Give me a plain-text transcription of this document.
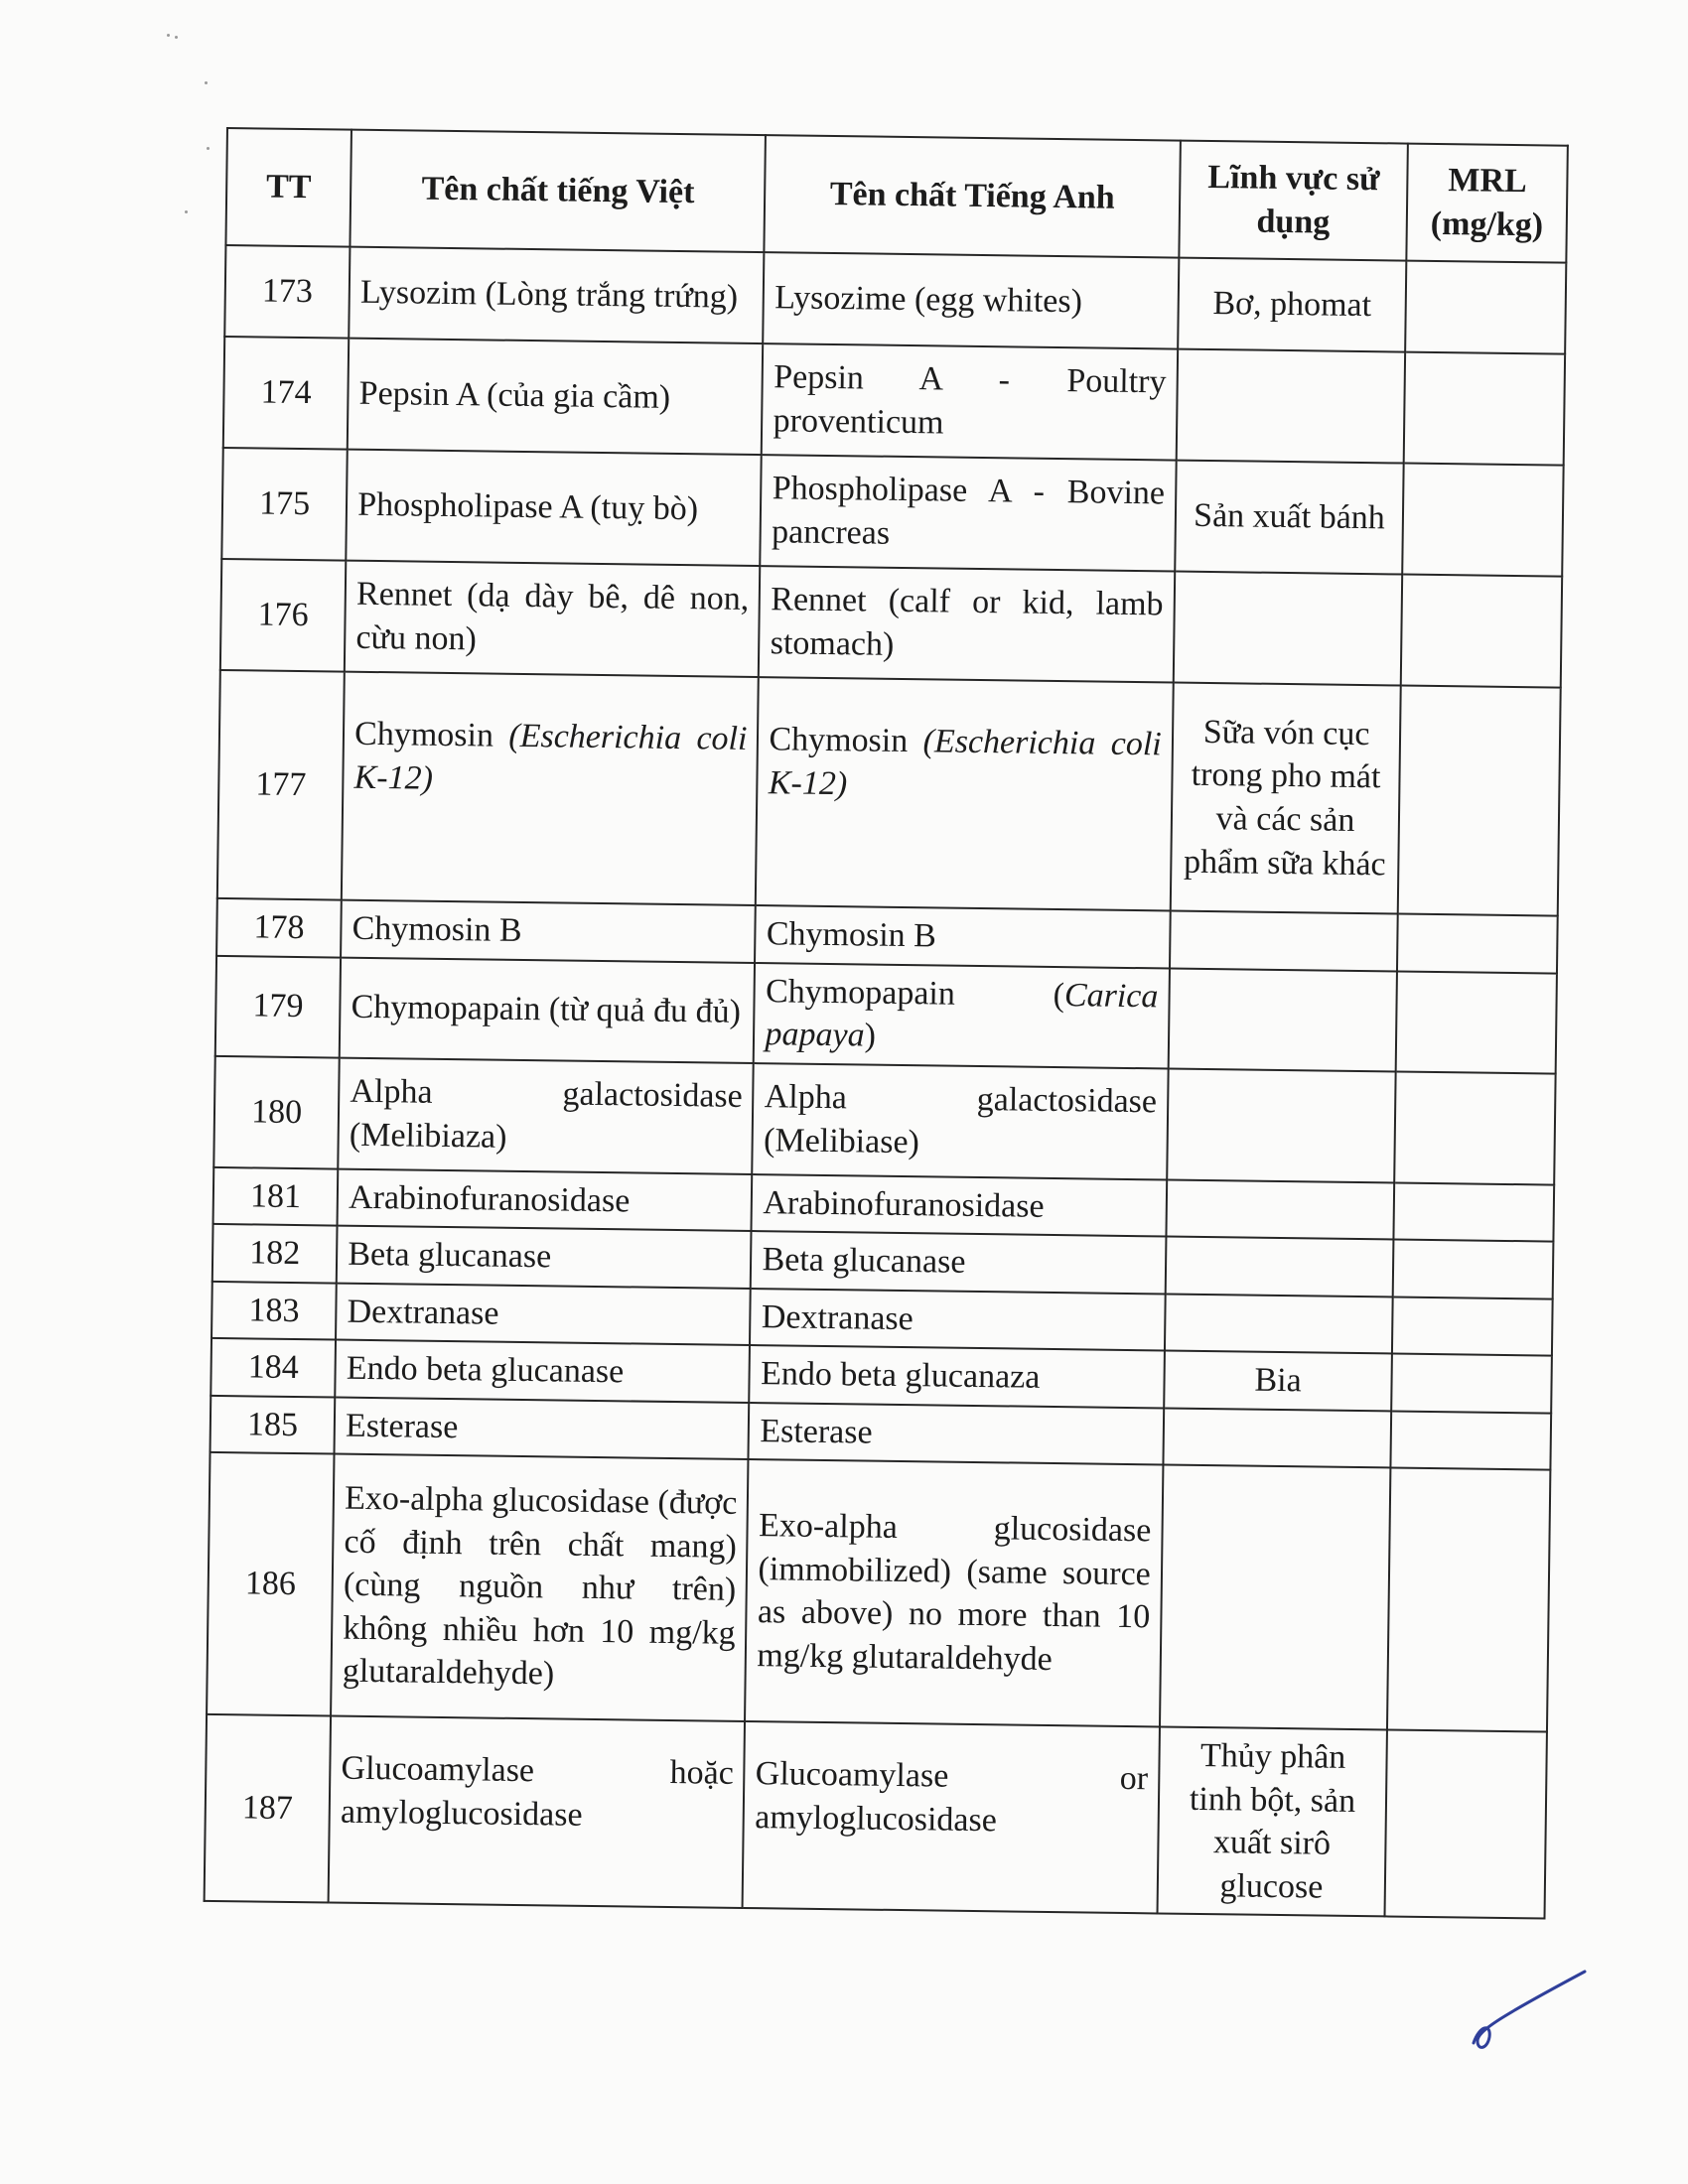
TT	Tên chất tiếng Việt	Tên chất Tiếng Anh	Lĩnh vực sử dụng	MRL (mg/kg)
173	Lysozim (Lòng trắng trứng)	Lysozime (egg whites)	Bơ, phomat	
174	Pepsin A (của gia cầm)	Pepsin A - Poultry proventicum		
175	Phospholipase A (tuỵ bò)	Phospholipase A - Bovine pancreas	Sản xuất bánh	
176	Rennet (dạ dày bê, dê non, cừu non)	Rennet (calf or kid, lamb stomach)		
177	Chymosin (Escherichia coli K-12)	Chymosin (Escherichia coli K-12)	Sữa vón cục trong pho mát và các sản phẩm sữa khác	
178	Chymosin B	Chymosin B		
179	Chymopapain (từ quả đu đủ)	Chymopapain (Carica papaya)		
180	Alpha galactosidase (Melibiaza)	Alpha galactosidase (Melibiase)		
181	Arabinofuranosidase	Arabinofuranosidase		
182	Beta glucanase	Beta glucanase		
183	Dextranase	Dextranase		
184	Endo beta glucanase	Endo beta glucanaza	Bia	
185	Esterase	Esterase		
186	Exo-alpha glucosidase (được cố định trên chất mang) (cùng nguồn như trên) không nhiều hơn 10 mg/kg glutaraldehyde)	Exo-alpha glucosidase (immobilized) (same source as above) no more than 10 mg/kg glutaraldehyde		
187	Glucoamylase hoặc amyloglucosidase	Glucoamylase or amyloglucosidase	Thủy phân tinh bột, sản xuất sirô glucose	
